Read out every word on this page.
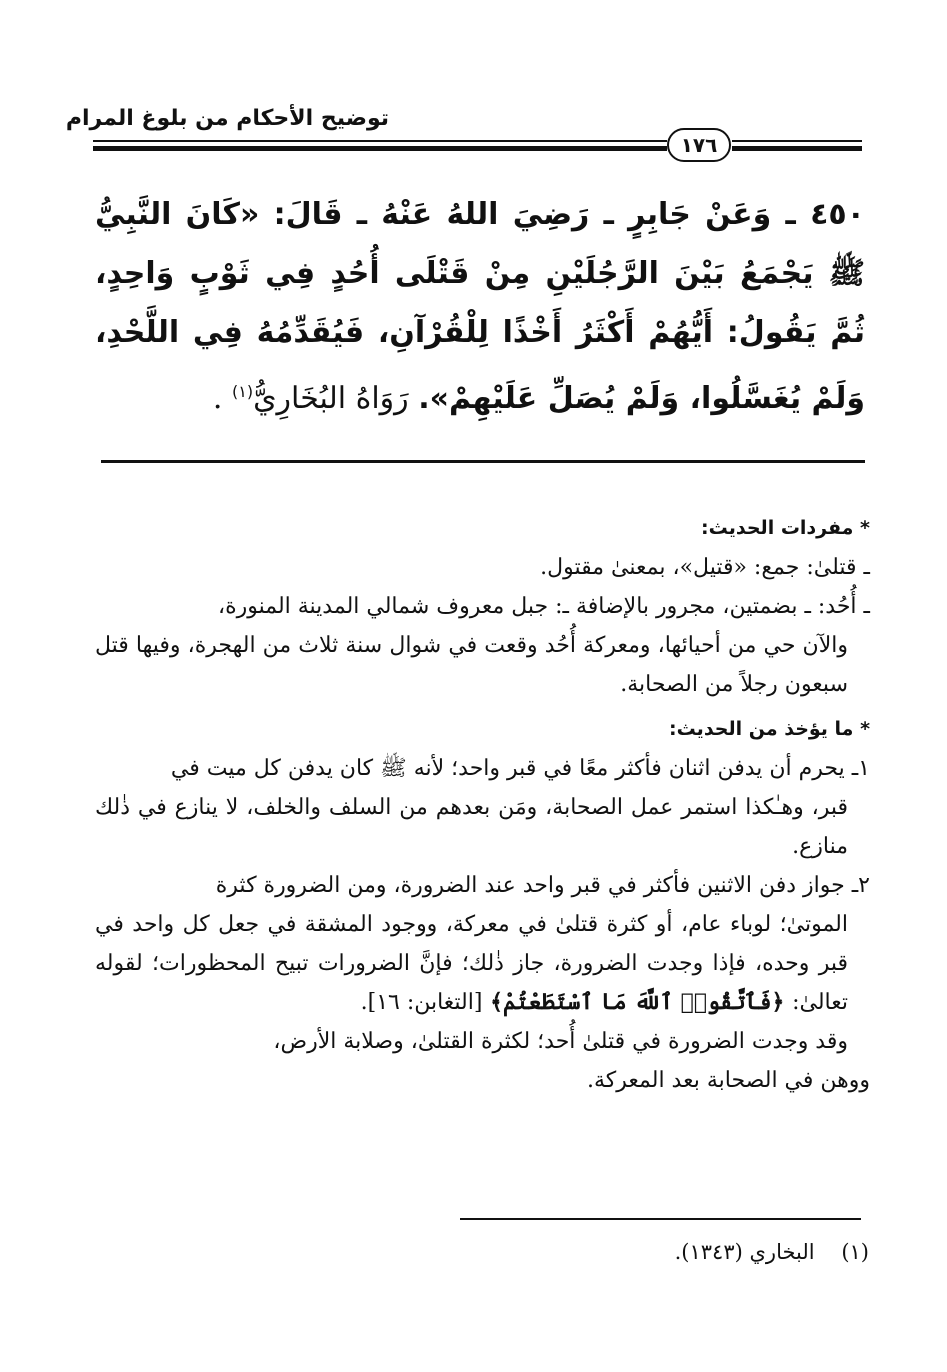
توضيح الأحكام من بلوغ المرام
١٧٦
٤٥٠ ـ وَعَنْ جَابِرٍ ـ رَضِيَ اللهُ عَنْهُ ـ قَالَ: «كَانَ النَّبِيُّ ﷺ يَجْمَعُ بَيْنَ الرَّجُلَيْنِ مِنْ قَتْلَى أُحُدٍ فِي ثَوْبٍ وَاحِدٍ، ثُمَّ يَقُولُ: أَيُّهُمْ أَكْثَرُ أَخْذًا لِلْقُرْآنِ، فَيُقَدِّمُهُ فِي اللَّحْدِ، وَلَمْ يُغَسَّلُوا، وَلَمْ يُصَلِّ عَلَيْهِمْ». رَوَاهُ البُخَارِيُّ$^{(١)}$ .

* مفردات الحديث:

ـ قتلىٰ: جمع: «قتيل»، بمعنىٰ مقتول.

ـ أُحُد: ـ بضمتين، مجرور بالإضافة ـ: جبل معروف شمالي المدينة المنورة،

والآن حي من أحيائها، ومعركة أُحُد وقعت في شوال سنة ثلاث من الهجرة، وفيها قتل سبعون رجلاً من الصحابة.

* ما يؤخذ من الحديث:

١ـ يحرم أن يدفن اثنان فأكثر معًا في قبر واحد؛ لأنه ﷺ كان يدفن كل ميت في

قبر، وهـٰكذا استمر عمل الصحابة، ومَن بعدهم من السلف والخلف، لا ينازع في ذٰلك منازع.

٢ـ جواز دفن الاثنين فأكثر في قبر واحد عند الضرورة، ومن الضرورة كثرة

الموتىٰ؛ لوباء عام، أو كثرة قتلىٰ في معركة، ووجود المشقة في جعل كل واحد في قبر وحده، فإذا وجدت الضرورة، جاز ذٰلك؛ فإنَّ الضرورات تبيح المحظورات؛ لقوله تعالىٰ: ﴿فَٱتَّقُوا۟ ٱللَّهَ مَا ٱسْتَطَعْتُمْ﴾ [التغابن: ١٦].

وقد وجدت الضرورة في قتلىٰ أُحد؛ لكثرة القتلىٰ، وصلابة الأرض،

ووهن في الصحابة بعد المعركة.

(١)    البخاري (١٣٤٣).
